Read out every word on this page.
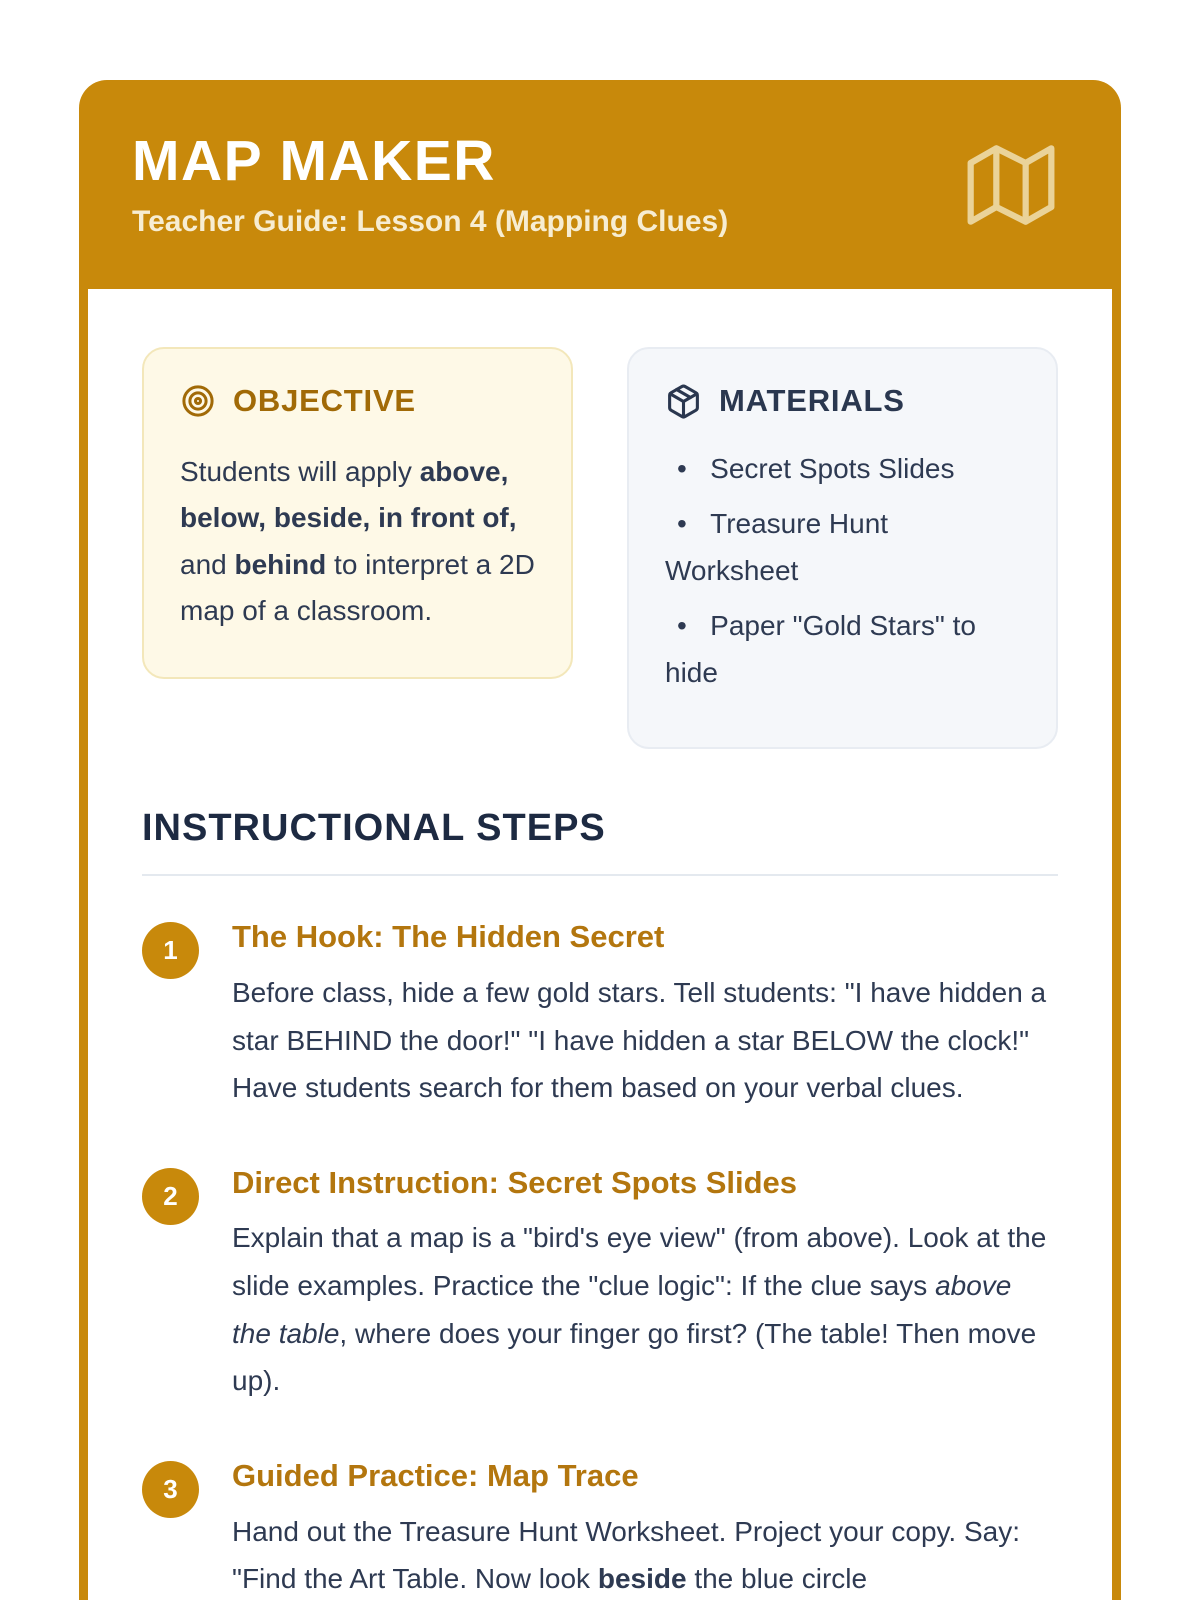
MAP MAKER
Teacher Guide: Lesson 4 (Mapping Clues)
OBJECTIVE
Students will apply above, below, beside, in front of, and behind to interpret a 2D map of a classroom.
MATERIALS
•   Secret Spots Slides
•   Treasure Hunt Worksheet
•   Paper "Gold Stars" to hide
INSTRUCTIONAL STEPS
1	The Hook: The Hidden Secret
Before class, hide a few gold stars. Tell students: "I have hidden a star BEHIND the door!" "I have hidden a star BELOW the clock!" Have students search for them based on your verbal clues.
2	Direct Instruction: Secret Spots Slides
Explain that a map is a "bird's eye view" (from above). Look at the slide examples. Practice the "clue logic": If the clue says above the table, where does your finger go first? (The table! Then move up).
3	Guided Practice: Map Trace
Hand out the Treasure Hunt Worksheet. Project your copy. Say: "Find the Art Table. Now look beside the blue circle
